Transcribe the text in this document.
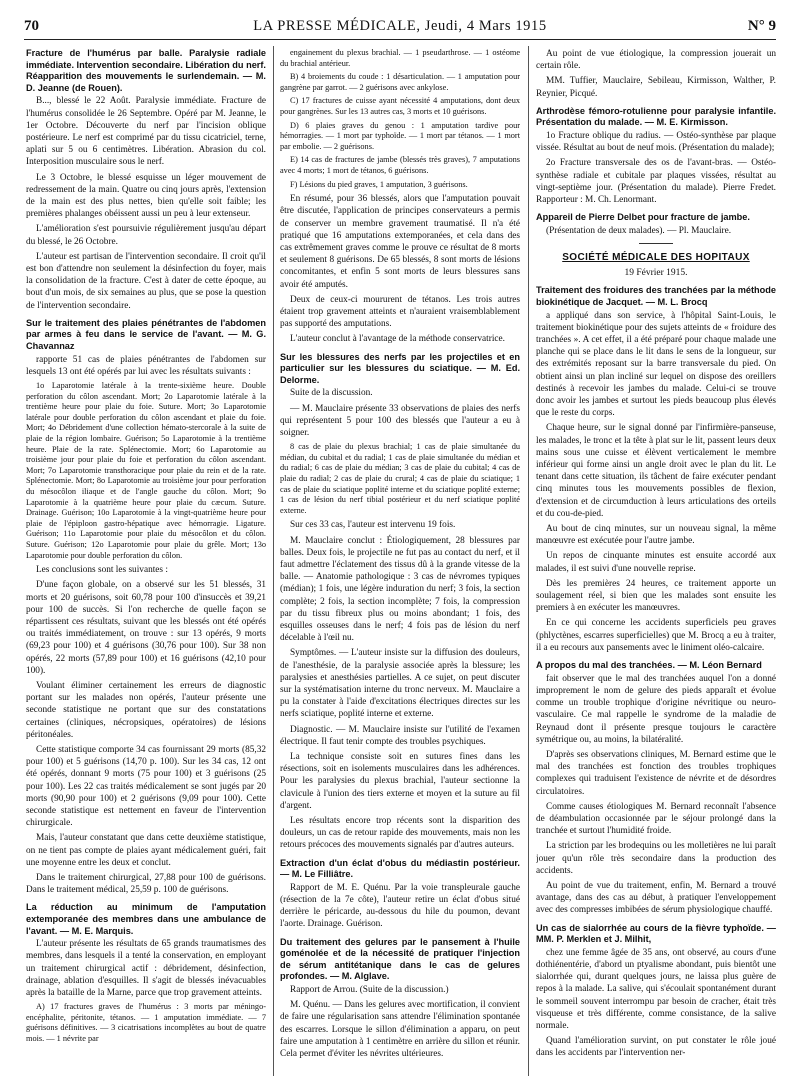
70	LA PRESSE MÉDICALE, Jeudi, 4 Mars 1915	N° 9

Fracture de l'humérus par balle. Paralysie radiale immédiate. Intervention secondaire. Libération du nerf. Réapparition des mouvements le surlendemain. — M. D. Jeanne (de Rouen).

B..., blessé le 22 Août. Paralysie immédiate. Fracture de l'humérus consolidée le 26 Septembre. Opéré par M. Jeanne, le 1er Octobre. Découverte du nerf par l'incision oblique postérieure. Le nerf est comprimé par du tissu cicatriciel, terne, aplati sur 5 ou 6 centimètres. Libération. Abrasion du col. Interposition musculaire sous le nerf.

Le 3 Octobre, le blessé esquisse un léger mouvement de redressement de la main. Quatre ou cinq jours après, l'extension de la main est des plus nettes, bien qu'elle soit faible; les premières phalanges obéissent aussi un peu à leur extenseur.

L'amélioration s'est poursuivie régulièrement jusqu'au départ du blessé, le 26 Octobre.

L'auteur est partisan de l'intervention secondaire. Il croit qu'il est bon d'attendre non seulement la désinfection du foyer, mais la consolidation de la fracture. C'est à dater de cette époque, au bout d'un mois, de six semaines au plus, que se pose la question de l'intervention secondaire.

Sur le traitement des plaies pénétrantes de l'abdomen par armes à feu dans le service de l'avant. — M. G. Chavannaz

rapporte 51 cas de plaies pénétrantes de l'abdomen sur lesquels 13 ont été opérés par lui avec les résultats suivants :

1o Laparotomie latérale à la trente-sixième heure. Double perforation du côlon ascendant. Mort; 2o Laparotomie latérale à la trentième heure pour plaie du foie. Suture. Mort; 3o Laparotomie latérale pour double perforation du côlon ascendant et plaie du foie. Mort; 4o Débridement d'une collection hémato-stercorale à la suite de plaie de la région lombaire. Guérison; 5o Laparotomie à la trentième heure. Plaie de la rate. Splénectomie. Mort; 6o Laparotomie au troisième jour pour plaie du foie et perforation du côlon ascendant. Mort; 7o Laparotomie transthoracique pour plaie du rein et de la rate. Splénectomie. Mort; 8o Laparotomie au troisième jour pour perforation du mésocôlon iliaque et de l'angle gauche du côlon. Mort; 9o Laparotomie à la quatrième heure pour plaie du cæcum. Suture. Drainage. Guérison; 10o Laparotomie à la vingt-quatrième heure pour plaie de l'épiploon gastro-hépatique avec hémorragie. Ligature. Guérison; 11o Laparotomie pour plaie du mésocôlon et du côlon. Suture. Guérison; 12o Laparotomie pour plaie du grêle. Mort; 13o Laparotomie pour double perforation du côlon.

Les conclusions sont les suivantes :

D'une façon globale, on a observé sur les 51 blessés, 31 morts et 20 guérisons, soit 60,78 pour 100 d'insuccès et 39,21 pour 100 de succès. Si l'on recherche de quelle façon se répartissent ces résultats, suivant que les blessés ont été opérés ou traités immédiatement, on trouve : sur 13 opérés, 9 morts (69,23 pour 100) et 4 guérisons (30,76 pour 100). Sur 38 non opérés, 22 morts (57,89 pour 100) et 16 guérisons (42,10 pour 100).

Voulant éliminer certainement les erreurs de diagnostic portant sur les malades non opérés, l'auteur présente une seconde statistique ne portant que sur des constatations certaines (cliniques, nécropsiques, opératoires) de lésions péritonéales.

Cette statistique comporte 34 cas fournissant 29 morts (85,32 pour 100) et 5 guérisons (14,70 p. 100). Sur les 34 cas, 12 ont été opérés, donnant 9 morts (75 pour 100) et 3 guérisons (25 pour 100). Les 22 cas traités médicalement se sont jugés par 20 morts (90,90 pour 100) et 2 guérisons (9,09 pour 100). Cette seconde statistique est nettement en faveur de l'intervention chirurgicale.

Mais, l'auteur constatant que dans cette deuxième statistique, on ne tient pas compte de plaies ayant médicalement guéri, fait une moyenne entre les deux et conclut.

Dans le traitement chirurgical, 27,88 pour 100 de guérisons. Dans le traitement médical, 25,59 p. 100 de guérisons.

La réduction au minimum de l'amputation extemporanée des membres dans une ambulance de l'avant. — M. E. Marquis.

L'auteur présente les résultats de 65 grands traumatismes des membres, dans lesquels il a tenté la conservation, en employant un traitement chirurgical actif : débridement, désinfection, drainage, ablation d'esquilles. Il s'agit de blessés inévacuables après la bataille de la Marne, parce que trop gravement atteints.

A) 17 fractures graves de l'humérus : 3 morts par méningo-encéphalite, péritonite, tétanos. — 1 amputation immédiate. — 7 guérisons définitives. — 3 cicatrisations incomplètes au bout de quatre mois. — 1 névrite par

engainement du plexus brachial. — 1 pseudarthrose. — 1 ostéome du brachial antérieur.

B) 4 broiements du coude : 1 désarticulation. — 1 amputation pour gangrène par garrot. — 2 guérisons avec ankylose.

C) 17 fractures de cuisse ayant nécessité 4 amputations, dont deux pour gangrènes. Sur les 13 autres cas, 3 morts et 10 guérisons.

D) 6 plaies graves du genou : 1 amputation tardive pour hémorragies. — 1 mort par typhoïde. — 1 mort par tétanos. — 1 mort par embolie. — 2 guérisons.

E) 14 cas de fractures de jambe (blessés très graves), 7 amputations avec 4 morts; 1 mort de tétanos, 6 guérisons.

F) Lésions du pied graves, 1 amputation, 3 guérisons.

En résumé, pour 36 blessés, alors que l'amputation pouvait être discutée, l'application de principes conservateurs a permis de conserver un membre gravement traumatisé. Il n'a été pratiqué que 16 amputations extemporanées, et cela dans des cas extrêmement graves comme le prouve ce résultat de 8 morts et seulement 8 guérisons. De 65 blessés, 8 sont morts de lésions concomitantes, et enfin 5 sont morts de leurs blessures sans avoir été amputés.

Deux de ceux-ci moururent de tétanos. Les trois autres étaient trop gravement atteints et n'auraient vraisemblablement pas supporté des amputations.

L'auteur conclut à l'avantage de la méthode conservatrice.

Sur les blessures des nerfs par les projectiles et en particulier sur les blessures du sciatique. — M. Ed. Delorme.

Suite de la discussion.

— M. Mauclaire présente 33 observations de plaies des nerfs qui représentent 5 pour 100 des blessés que l'auteur a eu à soigner.

8 cas de plaie du plexus brachial; 1 cas de plaie simultanée du médian, du cubital et du radial; 1 cas de plaie simultanée du médian et du radial; 6 cas de plaie du médian; 3 cas de plaie du cubital; 4 cas de plaie du radial; 2 cas de plaie du crural; 4 cas de plaie du sciatique; 1 cas de plaie du sciatique poplité interne et du sciatique poplité externe; 1 cas de lésion du nerf tibial postérieur et du nerf sciatique poplité externe.

Sur ces 33 cas, l'auteur est intervenu 19 fois.

M. Mauclaire conclut : Étiologiquement, 28 blessures par balles. Deux fois, le projectile ne fut pas au contact du nerf, et il faut admettre l'éclatement des tissus dû à la grande vitesse de la balle. — Anatomie pathologique : 3 cas de névromes typiques (médian); 1 fois, une légère induration du nerf; 3 fois, la section complète; 2 fois, la section incomplète; 7 fois, la compression par du tissu fibreux plus ou moins abondant; 1 fois, des esquilles osseuses dans le nerf; 4 fois pas de lésion du nerf décelable à l'œil nu.

Symptômes. — L'auteur insiste sur la diffusion des douleurs, de l'anesthésie, de la paralysie associée après la blessure; les paralysies et anesthésies partielles. A ce sujet, on peut discuter sur la systématisation interne du tronc nerveux. M. Mauclaire a pu la constater à l'aide d'excitations électriques directes sur les nerfs sciatique, poplité interne et externe.

Diagnostic. — M. Mauclaire insiste sur l'utilité de l'examen électrique. Il faut tenir compte des troubles psychiques.

La technique consiste soit en sutures fines dans les résections, soit en isolements musculaires dans les adhérences. Pour les paralysies du plexus brachial, l'auteur sectionne la clavicule à l'union des tiers externe et moyen et la suture au fil d'argent.

Les résultats encore trop récents sont la disparition des douleurs, un cas de retour rapide des mouvements, mais non les retours précoces des mouvements signalés par d'autres auteurs.

Extraction d'un éclat d'obus du médiastin postérieur. — M. Le Filliâtre.

Rapport de M. E. Quénu. Par la voie transpleurale gauche (résection de la 7e côte), l'auteur retire un éclat d'obus situé derrière le péricarde, au-dessous du hile du poumon, devant l'aorte. Drainage. Guérison.

Du traitement des gelures par le pansement à l'huile goménolée et de la nécessité de pratiquer l'injection de sérum antitétanique dans le cas de gelures profondes. — M. Alglave.

Rapport de Arrou. (Suite de la discussion.)

M. Quénu. — Dans les gelures avec mortification, il convient de faire une régularisation sans attendre l'élimination spontanée des escarres. Lorsque le sillon d'élimination a apparu, on peut faire une amputation à 1 centimètre en arrière du sillon et réunir. Cela permet d'éviter les névrites ultérieures.

Au point de vue étiologique, la compression jouerait un certain rôle.

MM. Tuffier, Mauclaire, Sebileau, Kirmisson, Walther, P. Reynier, Picqué.

Arthrodèse fémoro-rotulienne pour paralysie infantile. Présentation du malade. — M. E. Kirmisson.

1o Fracture oblique du radius. — Ostéo-synthèse par plaque vissée. Résultat au bout de neuf mois. (Présentation du malade);

2o Fracture transversale des os de l'avant-bras. — Ostéo-synthèse radiale et cubitale par plaques vissées, résultat au vingt-septième jour. (Présentation du malade). Pierre Fredet. Rapporteur : M. Ch. Lenormant.

Appareil de Pierre Delbet pour fracture de jambe.

(Présentation de deux malades). — Pl. Mauclaire.

SOCIÉTÉ MÉDICALE DES HOPITAUX
19 Février 1915.

Traitement des froidures des tranchées par la méthode biokinétique de Jacquet. — M. L. Brocq

a appliqué dans son service, à l'hôpital Saint-Louis, le traitement biokinétique pour des sujets atteints de « froidure des tranchées ». A cet effet, il a été préparé pour chaque malade une planche qui se place dans le lit dans le sens de la longueur, sur des extrémités reposant sur la barre transversale du pied. On obtient ainsi un plan incliné sur lequel on dispose des oreillers destinés à recevoir les jambes du malade. Celui-ci se trouve donc avoir les jambes et surtout les pieds beaucoup plus élevés que le reste du corps.

Chaque heure, sur le signal donné par l'infirmière-panseuse, les malades, le tronc et la tête à plat sur le lit, passent leurs deux mains sous une cuisse et élèvent verticalement le membre inférieur qui forme ainsi un angle droit avec le plan du lit. Le tenant dans cette situation, ils tâchent de faire exécuter pendant cinq minutes tous les mouvements possibles de flexion, d'extension et de circumduction à leurs articulations des orteils et du cou-de-pied.

Au bout de cinq minutes, sur un nouveau signal, la même manœuvre est exécutée pour l'autre jambe.

Un repos de cinquante minutes est ensuite accordé aux malades, il est suivi d'une nouvelle reprise.

Dès les premières 24 heures, ce traitement apporte un soulagement réel, si bien que les malades sont ensuite les premiers à en exécuter les manœuvres.

En ce qui concerne les accidents superficiels peu graves (phlyctènes, escarres superficielles) que M. Brocq a eu à traiter, il a eu recours aux pansements avec le liniment oléo-calcaire.

A propos du mal des tranchées. — M. Léon Bernard

fait observer que le mal des tranchées auquel l'on a donné improprement le nom de gelure des pieds apparaît et évolue comme un trouble trophique d'origine névritique ou neuro-vasculaire. Ce mal rappelle le syndrome de la maladie de Reynaud dont il présente presque toujours le caractère symétrique ou, au moins, la bilatéralité.

D'après ses observations cliniques, M. Bernard estime que le mal des tranchées est fonction des troubles trophiques complexes qui traduisent l'existence de névrite et de désordres circulatoires.

Comme causes étiologiques M. Bernard reconnaît l'absence de déambulation occasionnée par le séjour prolongé dans la tranchée et surtout l'humidité froide.

La striction par les brodequins ou les molletières ne lui paraît jouer qu'un rôle très secondaire dans la production des accidents.

Au point de vue du traitement, enfin, M. Bernard a trouvé avantage, dans des cas au début, à pratiquer l'enveloppement avec des compresses imbibées de sérum physiologique chauffé.

Un cas de sialorrhée au cours de la fièvre typhoïde. — MM. P. Merklen et J. Milhit,

chez une femme âgée de 35 ans, ont observé, au cours d'une dothiénentérie, d'abord un ptyalisme abondant, puis bientôt une sialorrhée qui, durant quelques jours, ne laissa plus guère de repos à la malade. La salive, qui s'écoulait spontanément durant le sommeil souvent interrompu par besoin de cracher, était très visqueuse et très différente, comme consistance, de la salive normale.

Quand l'amélioration survint, on put constater le rôle joué dans les accidents par l'intervention ner-
